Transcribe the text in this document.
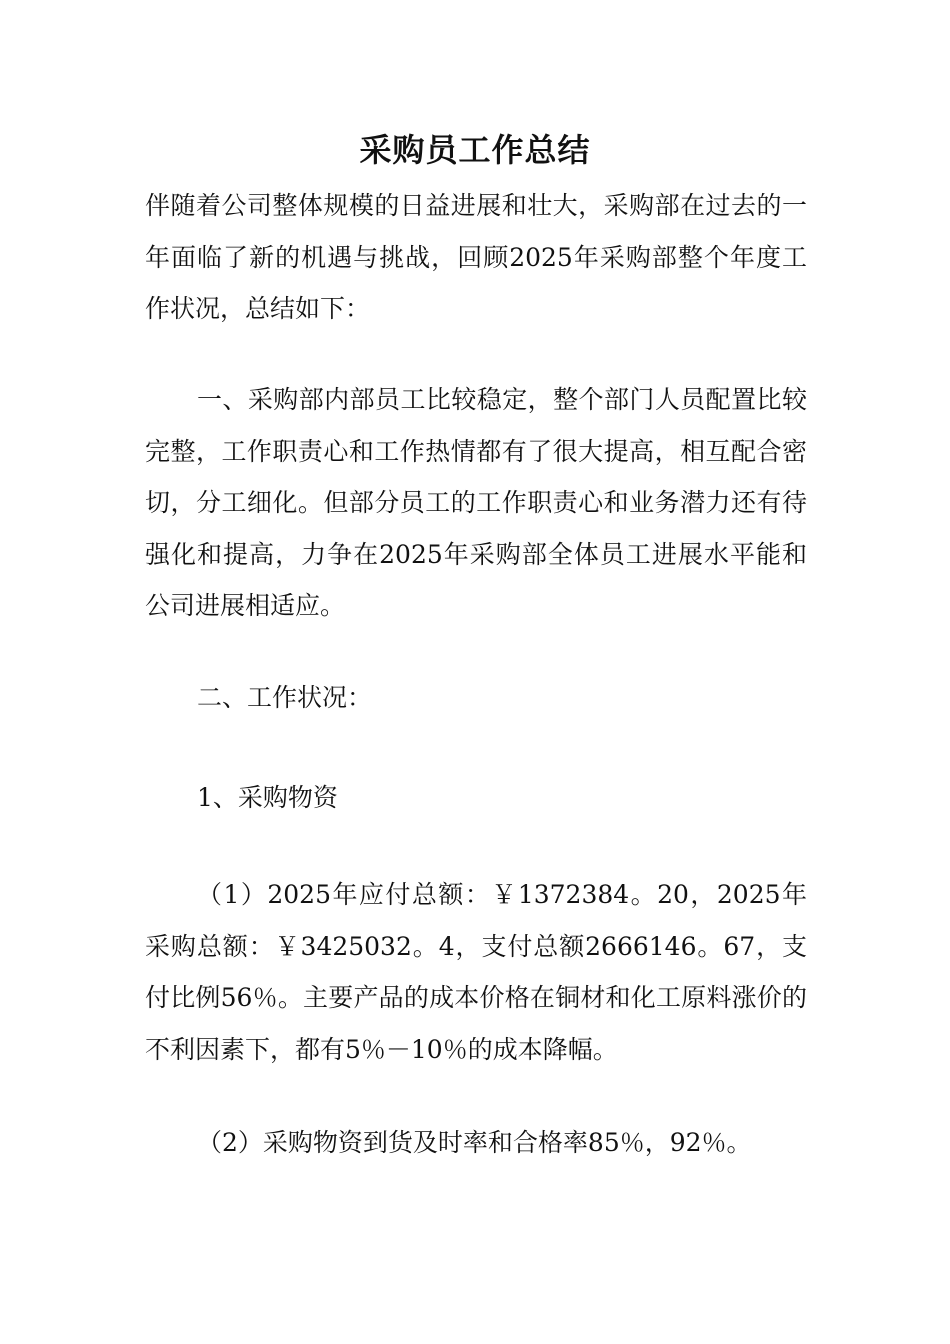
采购员工作总结

伴随着公司整体规模的日益进展和壮大，采购部在过去的一年面临了新的机遇与挑战，回顾2025年采购部整个年度工作状况，总结如下：

一、采购部内部员工比较稳定，整个部门人员配置比较完整，工作职责心和工作热情都有了很大提高，相互配合密切，分工细化。但部分员工的工作职责心和业务潜力还有待强化和提高，力争在2025年采购部全体员工进展水平能和公司进展相适应。

二、工作状况：

1、采购物资

（1）2025年应付总额：￥1372384。20，2025年采购总额：￥3425032。4，支付总额2666146。67，支付比例56％。主要产品的成本价格在铜材和化工原料涨价的不利因素下，都有5％－10％的成本降幅。

（2）采购物资到货及时率和合格率85％，92％。
